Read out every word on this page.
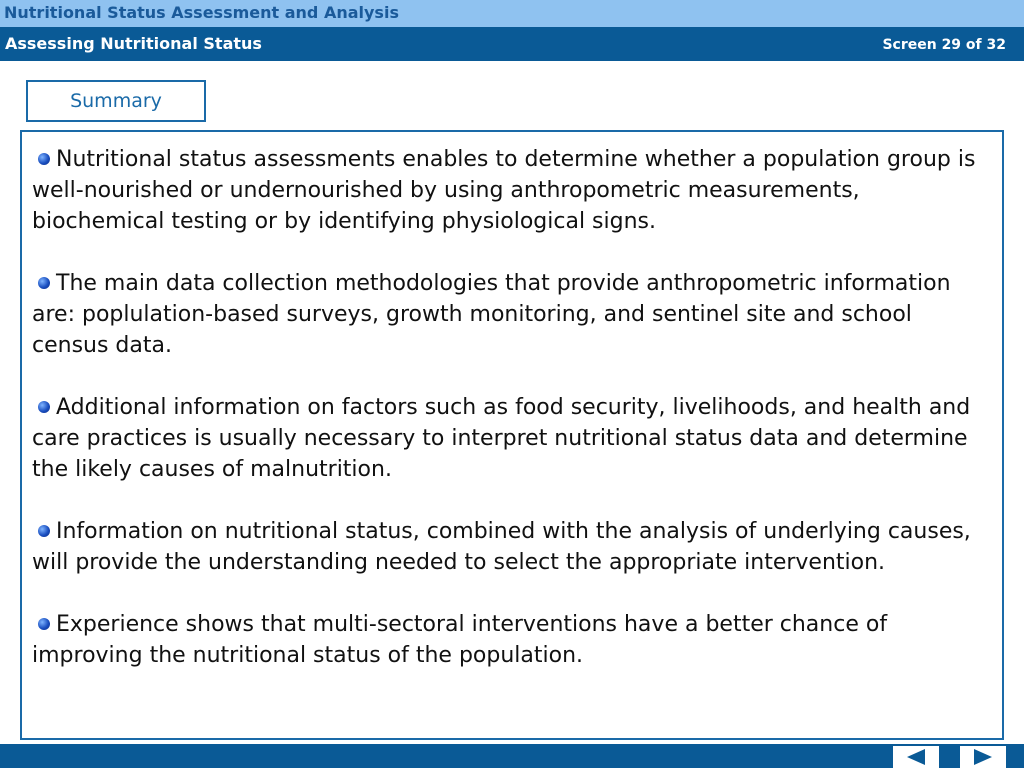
Nutritional Status Assessment and Analysis
Assessing Nutritional Status	Screen 29 of 32
Summary
Nutritional status assessments enables to determine whether a population group is well-nourished or undernourished by using anthropometric measurements, biochemical testing or by identifying physiological signs.
The main data collection methodologies that provide anthropometric information are: poplulation-based surveys, growth monitoring, and sentinel site and school census data.
Additional information on factors such as food security, livelihoods, and health and care practices is usually necessary to interpret nutritional status data and determine the likely causes of malnutrition.
Information on nutritional status, combined with the analysis of underlying causes, will provide the understanding needed to select the appropriate intervention.
Experience shows that multi-sectoral interventions have a better chance of improving the nutritional status of the population.
